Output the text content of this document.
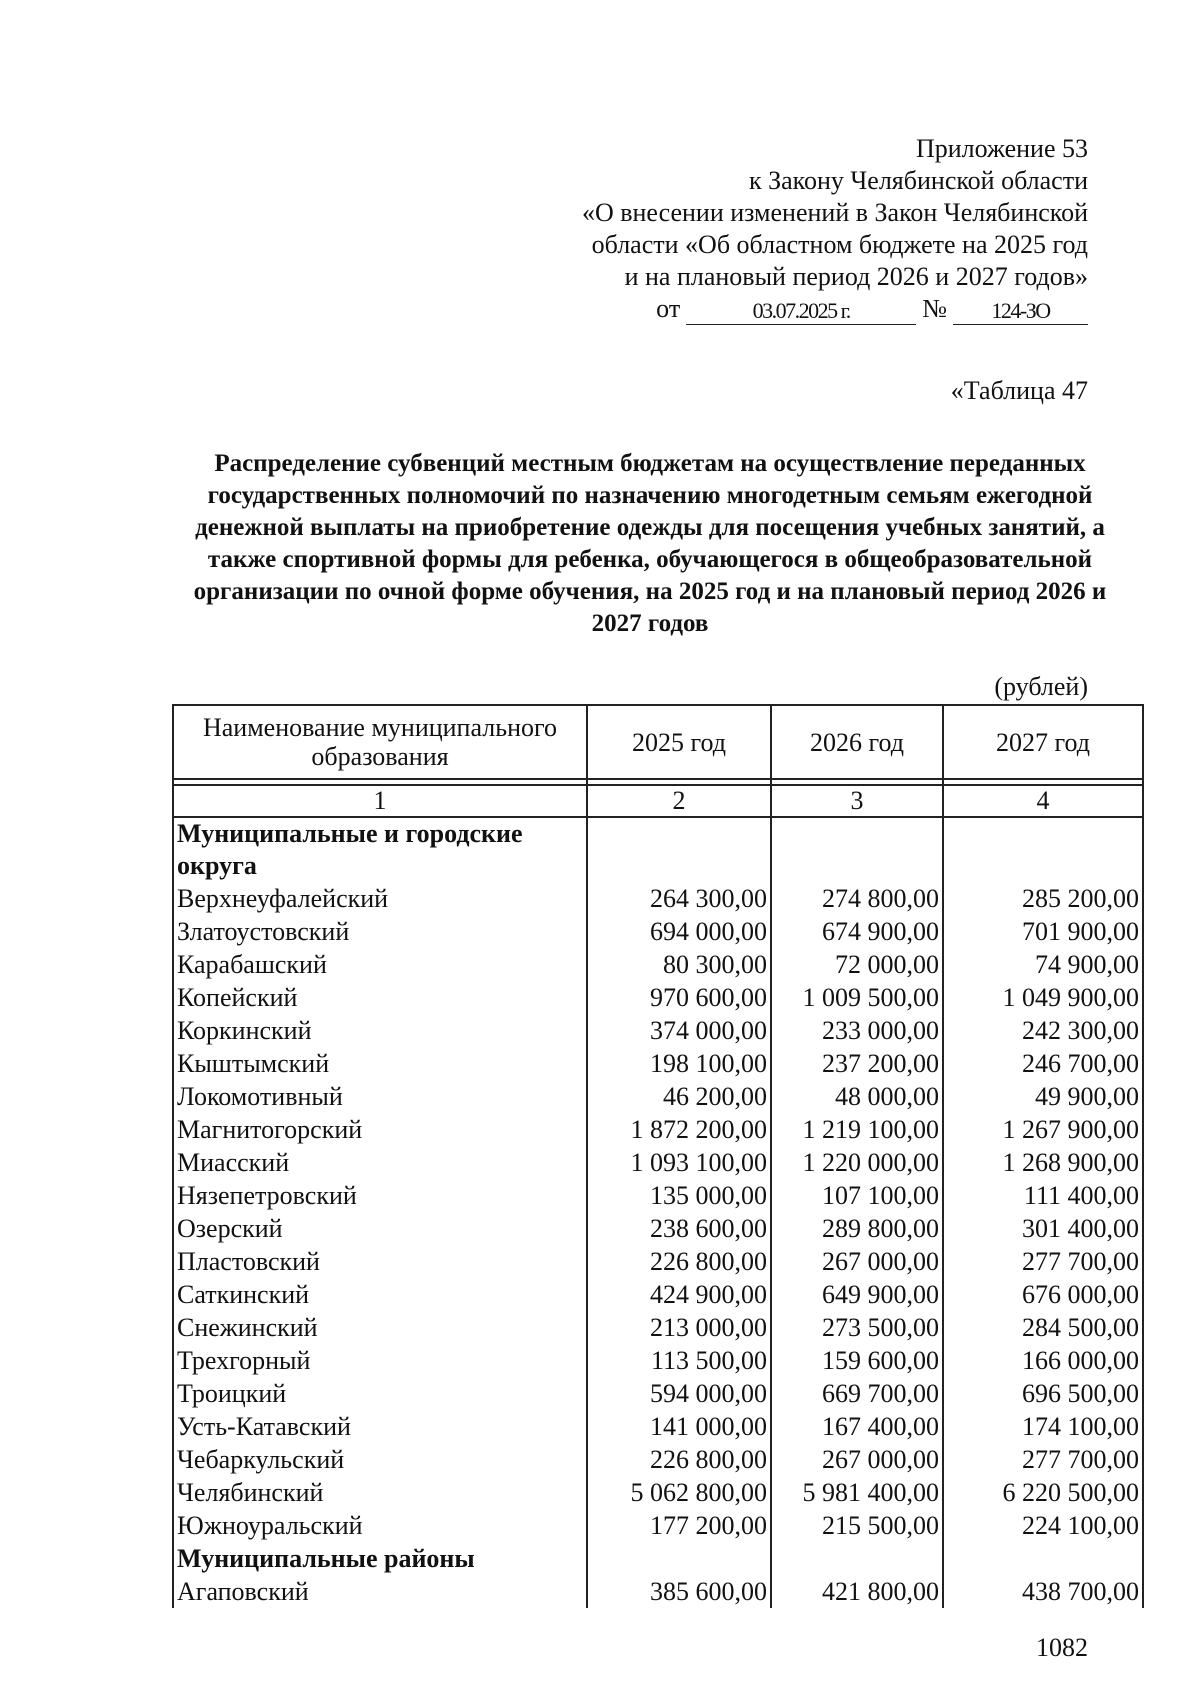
Приложение 53
к Закону Челябинской области
«О внесении изменений в Закон Челябинской
области «Об областном бюджете на 2025 год
и на плановый период 2026 и 2027 годов»
от	03.07.2025 г.	№	124-ЗО
«Таблица 47
Распределение субвенций местным бюджетам на осуществление переданных государственных полномочий по назначению многодетным семьям ежегодной денежной выплаты на приобретение одежды для посещения учебных занятий, а также спортивной формы для ребенка, обучающегося в общеобразовательной организации по очной форме обучения, на 2025 год и на плановый период 2026 и 2027 годов
(рублей)
Наименование муниципального образования	2025 год	2026 год	2027 год

1	2	3	4
Муниципальные и городские округа			
Верхнеуфалейский	264 300,00	274 800,00	285 200,00
Златоустовский	694 000,00	674 900,00	701 900,00
Карабашский	80 300,00	72 000,00	74 900,00
Копейский	970 600,00	1 009 500,00	1 049 900,00
Коркинский	374 000,00	233 000,00	242 300,00
Кыштымский	198 100,00	237 200,00	246 700,00
Локомотивный	46 200,00	48 000,00	49 900,00
Магнитогорский	1 872 200,00	1 219 100,00	1 267 900,00
Миасский	1 093 100,00	1 220 000,00	1 268 900,00
Нязепетровский	135 000,00	107 100,00	111 400,00
Озерский	238 600,00	289 800,00	301 400,00
Пластовский	226 800,00	267 000,00	277 700,00
Саткинский	424 900,00	649 900,00	676 000,00
Снежинский	213 000,00	273 500,00	284 500,00
Трехгорный	113 500,00	159 600,00	166 000,00
Троицкий	594 000,00	669 700,00	696 500,00
Усть-Катавский	141 000,00	167 400,00	174 100,00
Чебаркульский	226 800,00	267 000,00	277 700,00
Челябинский	5 062 800,00	5 981 400,00	6 220 500,00
Южноуральский	177 200,00	215 500,00	224 100,00
Муниципальные районы			
Агаповский	385 600,00	421 800,00	438 700,00
1082
